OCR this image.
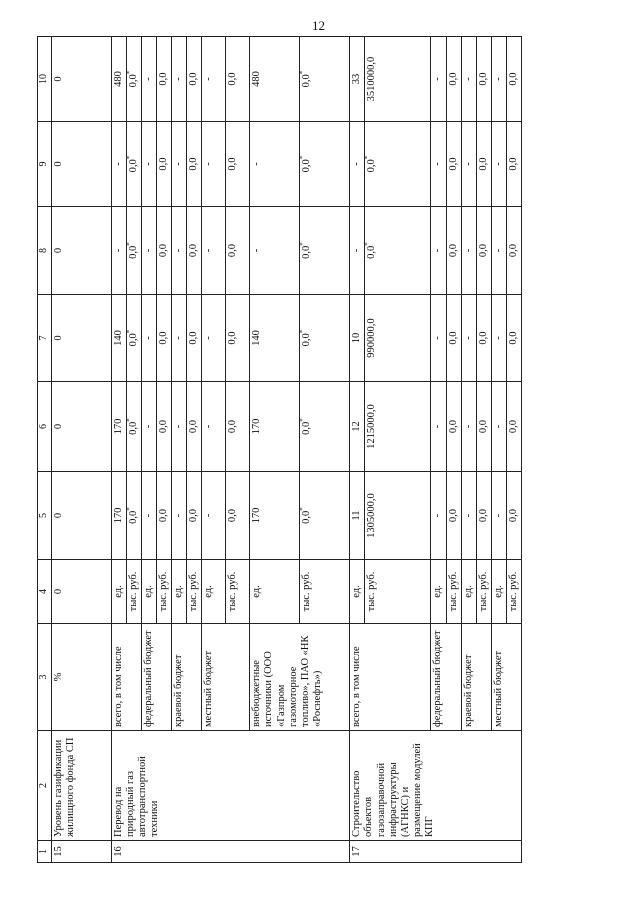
12
1	2	3	4	5	6	7	8	9	10
15	Уровень газификации жилищного фонда СП	%	0	0	0	0	0	0	0
16	Перевод на природный газ автотранспортной техники	всего, в том числе	ед.	170	170	140	-	-	480
			тыс. руб.	0,0*	0,0*	0,0*	0,0*	0,0*	0,0*
		федеральный бюджет	ед.	-	-	-	-	-	-
			тыс. руб.	0,0	0,0	0,0	0,0	0,0	0,0
		краевой бюджет	ед.	-	-	-	-	-	-
			тыс. руб.	0,0	0,0	0,0	0,0	0,0	0,0
		местный бюджет	ед.	-	-	-	-	-	-
			тыс. руб.	0,0	0,0	0,0	0,0	0,0	0,0
		внебюджетные источники (ООО «Газпром газомоторное топливо», ПАО «НК «Роснефть»)	ед.	170	170	140	-	-	480
			тыс. руб.	0,0*	0,0*	0,0*	0,0*	0,0*	0,0*
17	Строительство объектов газозаправочной инфраструктуры (АГНКС) и размещение модулей КПГ	всего, в том числе	ед.	11	12	10	-	-	33
			тыс. руб.	1305000,0	1215000,0	990000,0	0,0*	0,0*	3510000,0
		федеральный бюджет	ед.	-	-	-	-	-	-
			тыс. руб.	0,0	0,0	0,0	0,0	0,0	0,0
		краевой бюджет	ед.	-	-	-	-	-	-
			тыс. руб.	0,0	0,0	0,0	0,0	0,0	0,0
		местный бюджет	ед.	-	-	-	-	-	-
			тыс. руб.	0,0	0,0	0,0	0,0	0,0	0,0
